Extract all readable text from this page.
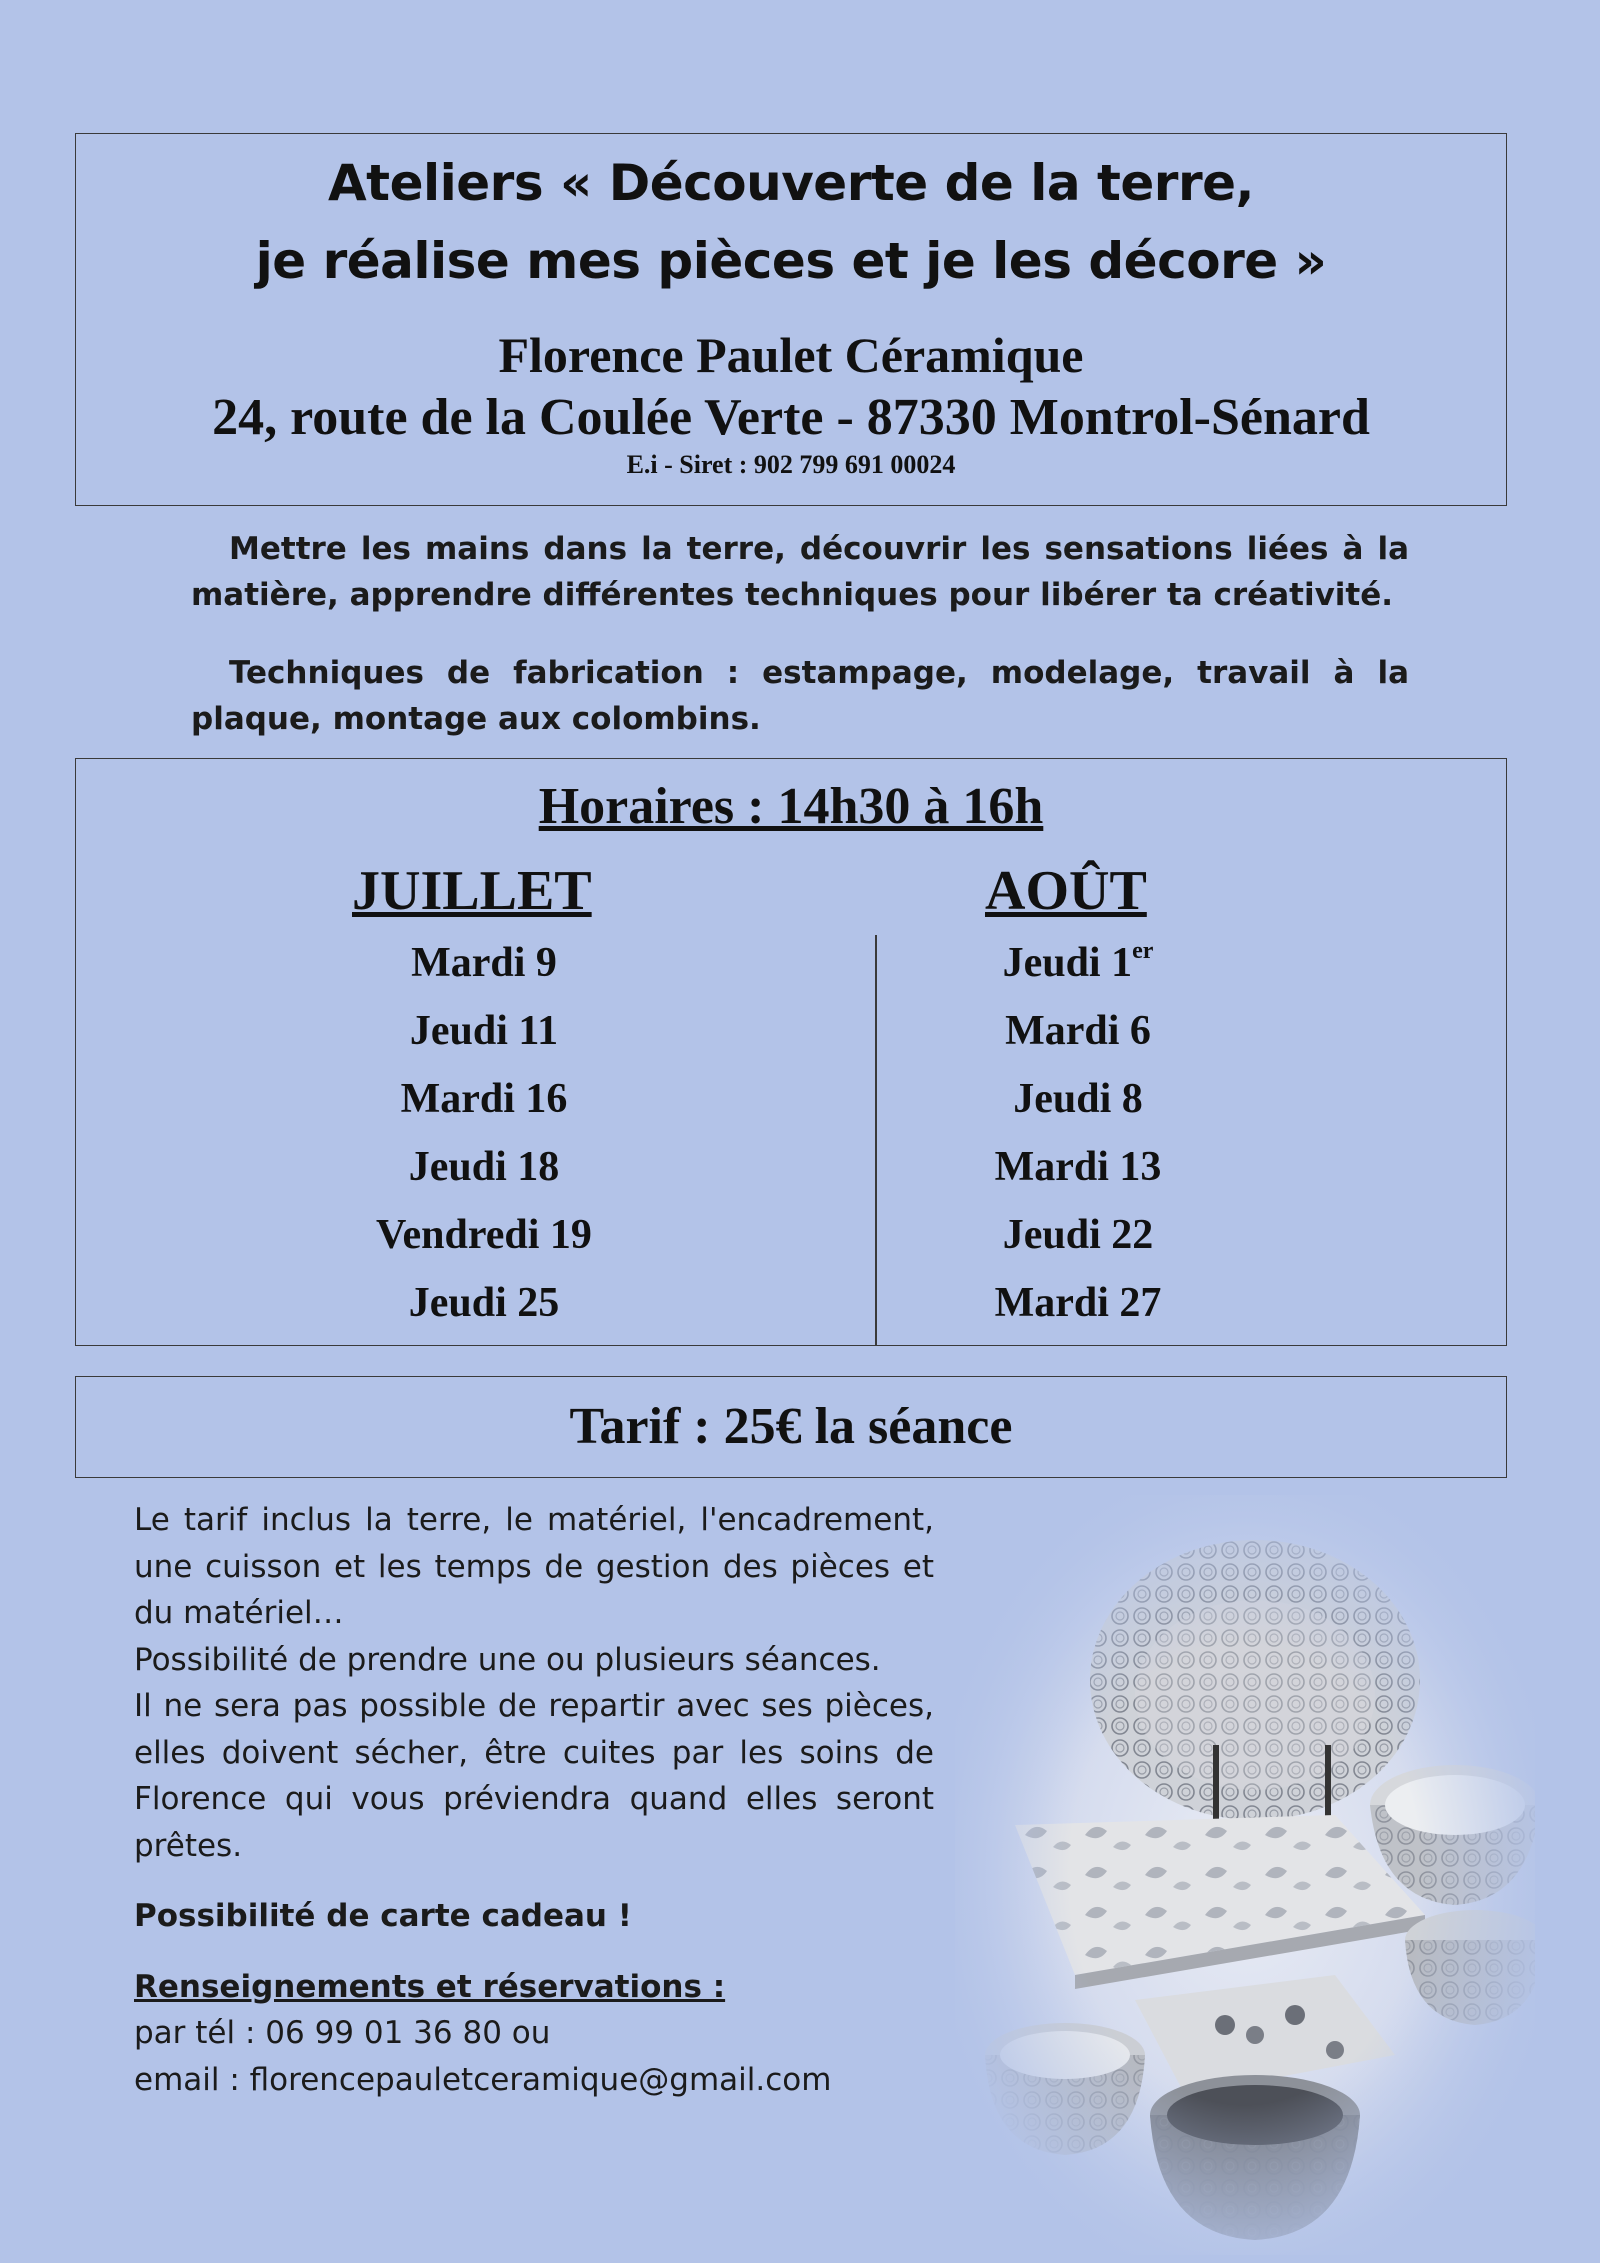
Ateliers « Découverte de la terre,
je réalise mes pièces et je les décore »
Florence Paulet Céramique
24, route de la Coulée Verte - 87330 Montrol-Sénard
E.i - Siret : 902 799 691 00024

Mettre les mains dans la terre, découvrir les sensations liées à la matière, apprendre différentes techniques pour libérer ta créativité.

Techniques de fabrication : estampage, modelage, travail à la plaque, montage aux colombins.

Horaires : 14h30 à 16h
JUILLET	AOÛT
Mardi 9
Jeudi 11
Mardi 16
Jeudi 18
Vendredi 19
Jeudi 25
Jeudi 1er
Mardi 6
Jeudi 8
Mardi 13
Jeudi 22
Mardi 27
Tarif : 25€ la séance

Le tarif inclus la terre, le matériel, l'encadrement, une cuisson et les temps de gestion des pièces et du matériel…

Possibilité de prendre une ou plusieurs séances.

Il ne sera pas possible de repartir avec ses pièces, elles doivent sécher, être cuites par les soins de Florence qui vous préviendra quand elles seront prêtes.

Possibilité de carte cadeau !

Renseignements et réservations :

par tél : 06 99 01 36 80 ou

email : florencepauletceramique@gmail.com
